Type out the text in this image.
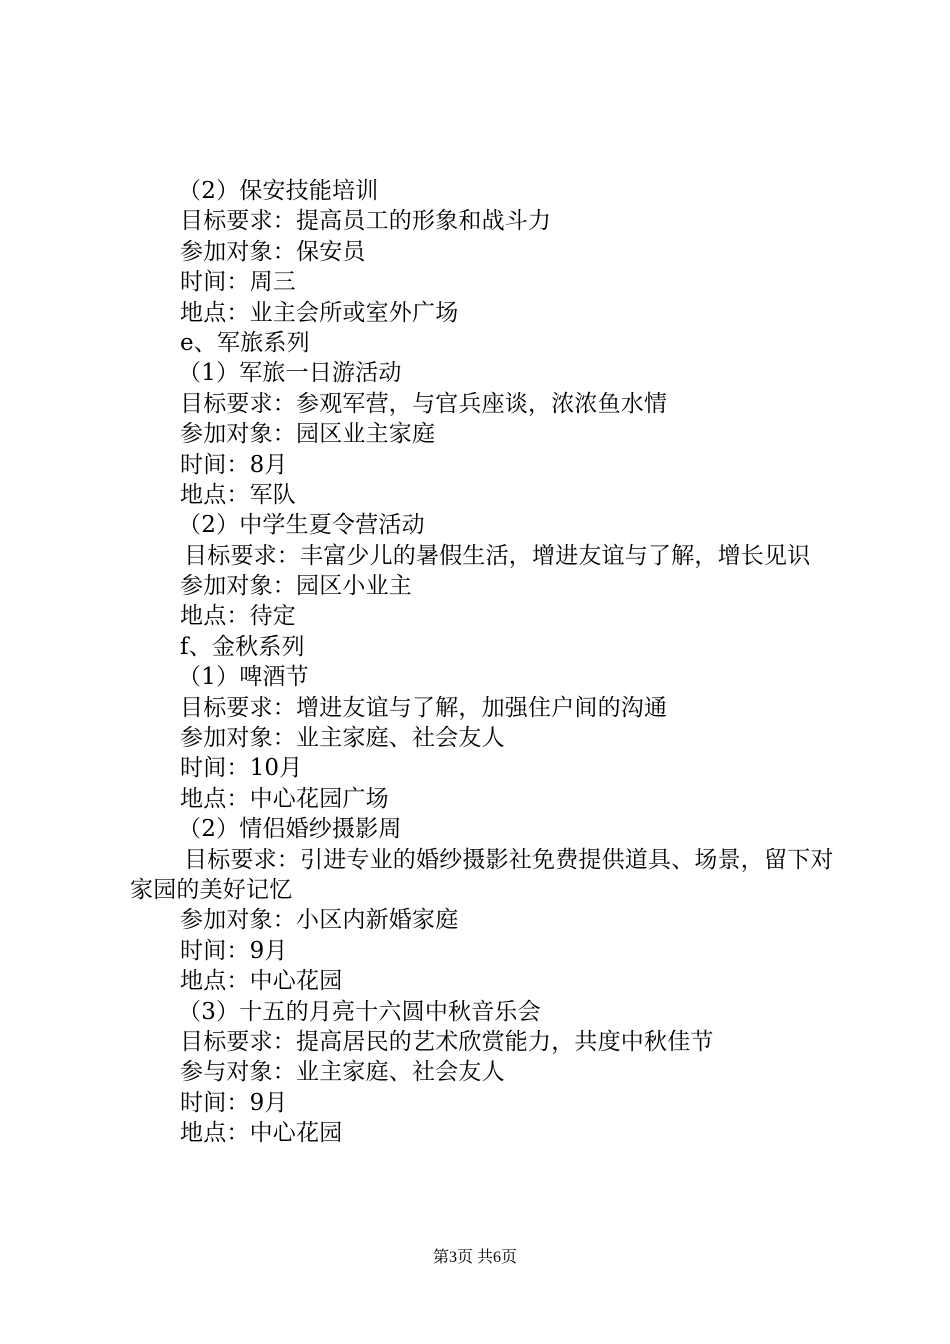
（2）保安技能培训
目标要求：提高员工的形象和战斗力
参加对象：保安员
时间：周三
地点：业主会所或室外广场
e、军旅系列
（1）军旅一日游活动
目标要求：参观军营，与官兵座谈，浓浓鱼水情
参加对象：园区业主家庭
时间：8月
地点：军队
（2）中学生夏令营活动
目标要求：丰富少儿的暑假生活，增进友谊与了解，增长见识
参加对象：园区小业主
地点：待定
f、金秋系列
（1）啤酒节
目标要求：增进友谊与了解，加强住户间的沟通
参加对象：业主家庭、社会友人
时间：10月
地点：中心花园广场
（2）情侣婚纱摄影周
目标要求：引进专业的婚纱摄影社免费提供道具、场景，留下对家园的美好记忆
参加对象：小区内新婚家庭
时间：9月
地点：中心花园
（3）十五的月亮十六圆中秋音乐会
目标要求：提高居民的艺术欣赏能力，共度中秋佳节
参与对象：业主家庭、社会友人
时间：9月
地点：中心花园
第3页 共6页
